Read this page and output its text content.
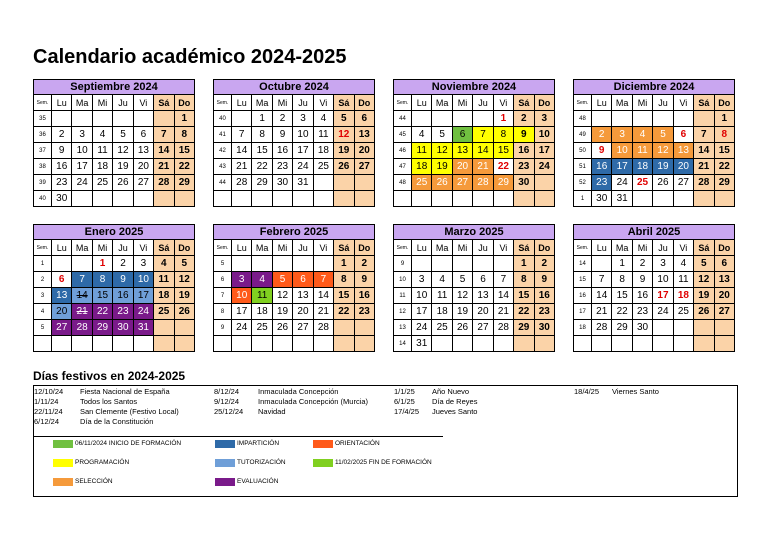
Calendario académico 2024-2025
Septiembre 2024
Sem.	Lu	Ma	Mi	Ju	Vi	Sá	Do
35							1
36	2	3	4	5	6	7	8
37	9	10	11	12	13	14	15
38	16	17	18	19	20	21	22
39	23	24	25	26	27	28	29
40	30						
Octubre 2024
Sem.	Lu	Ma	Mi	Ju	Vi	Sá	Do
40		1	2	3	4	5	6
41	7	8	9	10	11	12	13
42	14	15	16	17	18	19	20
43	21	22	23	24	25	26	27
44	28	29	30	31			

Noviembre 2024
Sem.	Lu	Ma	Mi	Ju	Vi	Sá	Do
44					1	2	3
45	4	5	6	7	8	9	10
46	11	12	13	14	15	16	17
47	18	19	20	21	22	23	24
48	25	26	27	28	29	30	

Diciembre 2024
Sem.	Lu	Ma	Mi	Ju	Vi	Sá	Do
48							1
49	2	3	4	5	6	7	8
50	9	10	11	12	13	14	15
51	16	17	18	19	20	21	22
52	23	24	25	26	27	28	29
1	30	31					
Enero 2025
Sem.	Lu	Ma	Mi	Ju	Vi	Sá	Do
1			1	2	3	4	5
2	6	7	8	9	10	11	12
3	13	14	15	16	17	18	19
4	20	21	22	23	24	25	26
5	27	28	29	30	31		

Febrero 2025
Sem.	Lu	Ma	Mi	Ju	Vi	Sá	Do
5						1	2
6	3	4	5	6	7	8	9
7	10	11	12	13	14	15	16
8	17	18	19	20	21	22	23
9	24	25	26	27	28		

Marzo 2025
Sem.	Lu	Ma	Mi	Ju	Vi	Sá	Do
9						1	2
10	3	4	5	6	7	8	9
11	10	11	12	13	14	15	16
12	17	18	19	20	21	22	23
13	24	25	26	27	28	29	30
14	31						
Abril 2025
Sem.	Lu	Ma	Mi	Ju	Vi	Sá	Do
14		1	2	3	4	5	6
15	7	8	9	10	11	12	13
16	14	15	16	17	18	19	20
17	21	22	23	24	25	26	27
18	28	29	30				

Días festivos en 2024-2025
12/10/24 Fiesta Nacional de España
1/11/24	Todos los Santos
22/11/24 San Clemente (Festivo Local)
6/12/24	Día de la Constitución
8/12/24	Inmaculada Concepción
9/12/24	Inmaculada Concepción (Murcia)
25/12/24 Navidad
1/1/25 Año Nuevo
6/1/25 Día de Reyes
17/4/25 Jueves Santo
18/4/25 Viernes Santo
06/11/2024 INICIO DE FORMACIÓN
PROGRAMACIÓN
SELECCIÓN
IMPARTICIÓN
TUTORIZACIÓN
EVALUACIÓN
ORIENTACIÓN
11/02/2025 FIN DE FORMACIÓN
